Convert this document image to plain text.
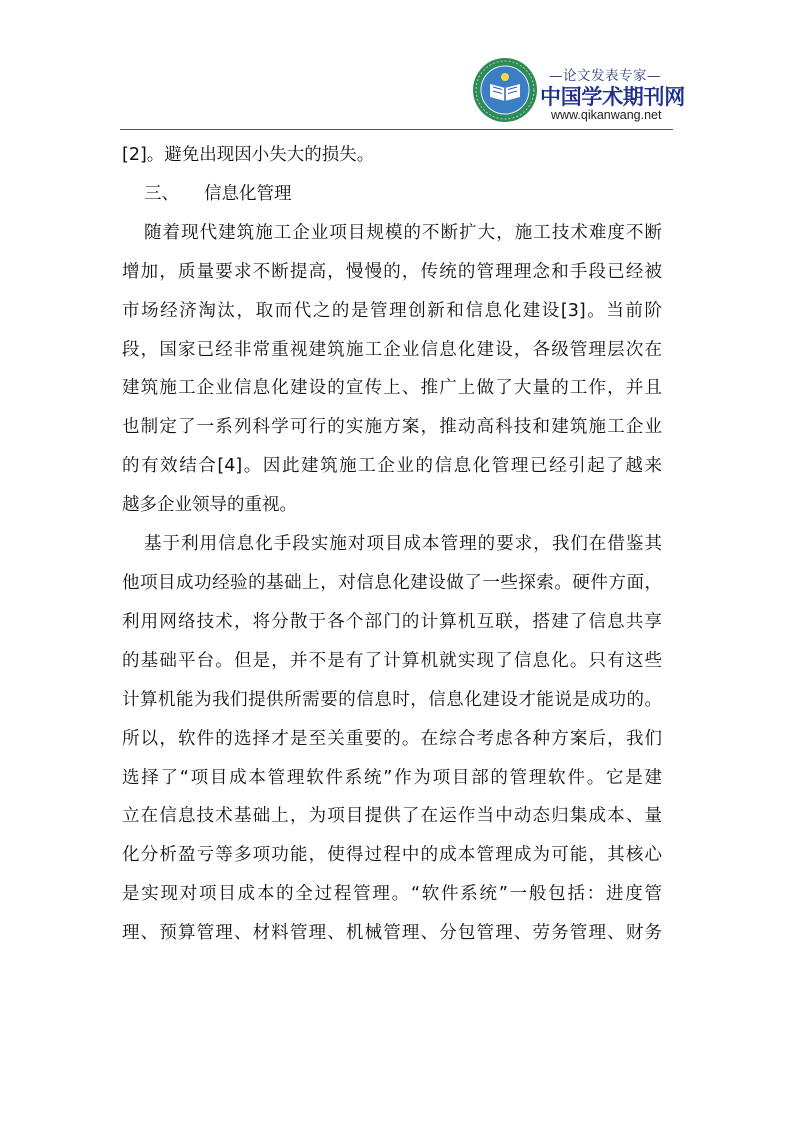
—论文发表专家—
中国学术期刊网
www.qikanwang.net

[2]。避免出现因小失大的损失。

三、 信息化管理

随着现代建筑施工企业项目规模的不断扩大，施工技术难度不断
增加，质量要求不断提高，慢慢的，传统的管理理念和手段已经被
市场经济淘汰，取而代之的是管理创新和信息化建设[3]。当前阶
段，国家已经非常重视建筑施工企业信息化建设，各级管理层次在
建筑施工企业信息化建设的宣传上、推广上做了大量的工作，并且
也制定了一系列科学可行的实施方案，推动高科技和建筑施工企业
的有效结合[4]。因此建筑施工企业的信息化管理已经引起了越来
越多企业领导的重视。

基于利用信息化手段实施对项目成本管理的要求，我们在借鉴其
他项目成功经验的基础上，对信息化建设做了一些探索。硬件方面，
利用网络技术，将分散于各个部门的计算机互联，搭建了信息共享
的基础平台。但是，并不是有了计算机就实现了信息化。只有这些
计算机能为我们提供所需要的信息时，信息化建设才能说是成功的。
所以，软件的选择才是至关重要的。在综合考虑各种方案后，我们
选择了“项目成本管理软件系统”作为项目部的管理软件。它是建
立在信息技术基础上，为项目提供了在运作当中动态归集成本、量
化分析盈亏等多项功能，使得过程中的成本管理成为可能，其核心
是实现对项目成本的全过程管理。“软件系统”一般包括：进度管
理、预算管理、材料管理、机械管理、分包管理、劳务管理、财务
